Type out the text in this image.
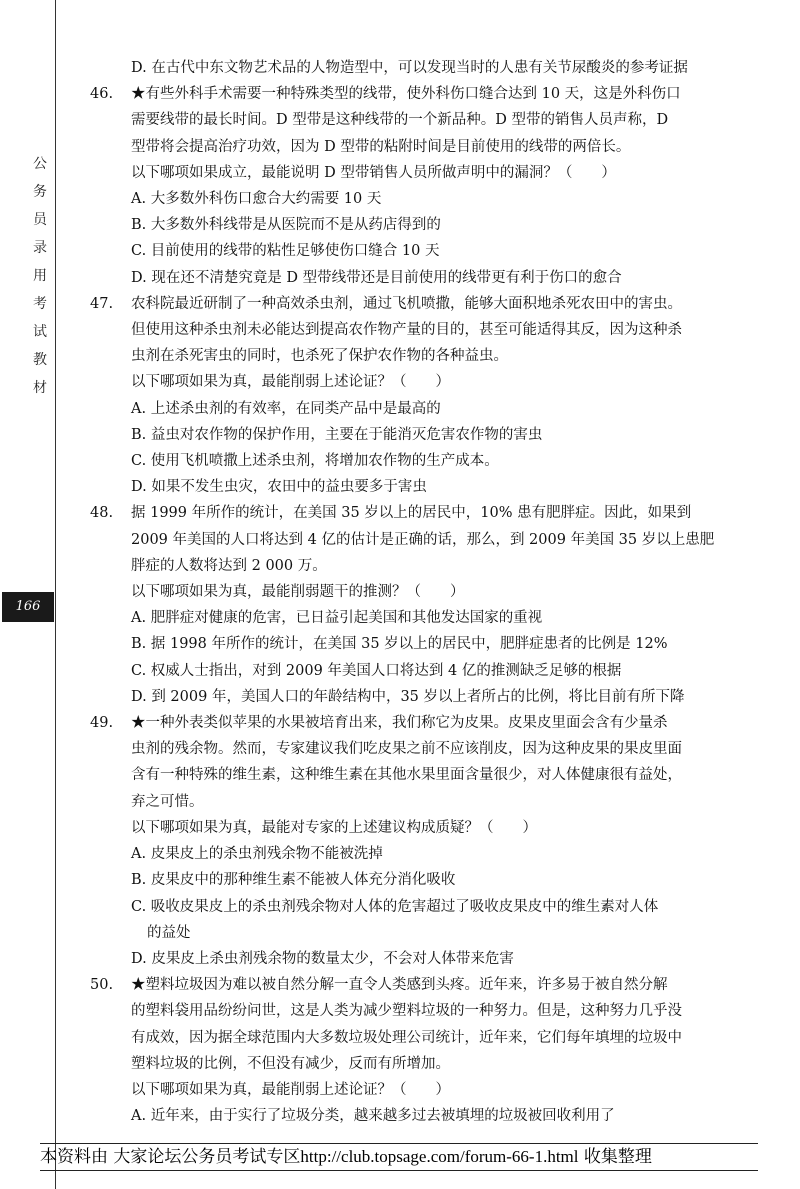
公
务
员
录
用
考
试
教
材
166
D. 在古代中东文物艺术品的人物造型中，可以发现当时的人患有关节尿酸炎的参考证据
46. ★有些外科手术需要一种特殊类型的线带，使外科伤口缝合达到 10 天，这是外科伤口
需要线带的最长时间。D 型带是这种线带的一个新品种。D 型带的销售人员声称，D
型带将会提高治疗功效，因为 D 型带的粘附时间是目前使用的线带的两倍长。
以下哪项如果成立，最能说明 D 型带销售人员所做声明中的漏洞？（　　）
A. 大多数外科伤口愈合大约需要 10 天
B. 大多数外科线带是从医院而不是从药店得到的
C. 目前使用的线带的粘性足够使伤口缝合 10 天
D. 现在还不清楚究竟是 D 型带线带还是目前使用的线带更有利于伤口的愈合
47. 农科院最近研制了一种高效杀虫剂，通过飞机喷撒，能够大面积地杀死农田中的害虫。
但使用这种杀虫剂未必能达到提高农作物产量的目的，甚至可能适得其反，因为这种杀
虫剂在杀死害虫的同时，也杀死了保护农作物的各种益虫。
以下哪项如果为真，最能削弱上述论证？（　　）
A. 上述杀虫剂的有效率，在同类产品中是最高的
B. 益虫对农作物的保护作用，主要在于能消灭危害农作物的害虫
C. 使用飞机喷撒上述杀虫剂，将增加农作物的生产成本。
D. 如果不发生虫灾，农田中的益虫要多于害虫
48. 据 1999 年所作的统计，在美国 35 岁以上的居民中，10% 患有肥胖症。因此，如果到
2009 年美国的人口将达到 4 亿的估计是正确的话，那么，到 2009 年美国 35 岁以上患肥
胖症的人数将达到 2 000 万。
以下哪项如果为真，最能削弱题干的推测？（　　）
A. 肥胖症对健康的危害，已日益引起美国和其他发达国家的重视
B. 据 1998 年所作的统计，在美国 35 岁以上的居民中，肥胖症患者的比例是 12%
C. 权威人士指出，对到 2009 年美国人口将达到 4 亿的推测缺乏足够的根据
D. 到 2009 年，美国人口的年龄结构中，35 岁以上者所占的比例，将比目前有所下降
49. ★一种外表类似苹果的水果被培育出来，我们称它为皮果。皮果皮里面会含有少量杀
虫剂的残余物。然而，专家建议我们吃皮果之前不应该削皮，因为这种皮果的果皮里面
含有一种特殊的维生素，这种维生素在其他水果里面含量很少，对人体健康很有益处，
弃之可惜。
以下哪项如果为真，最能对专家的上述建议构成质疑？（　　）
A. 皮果皮上的杀虫剂残余物不能被洗掉
B. 皮果皮中的那种维生素不能被人体充分消化吸收
C. 吸收皮果皮上的杀虫剂残余物对人体的危害超过了吸收皮果皮中的维生素对人体
的益处
D. 皮果皮上杀虫剂残余物的数量太少，不会对人体带来危害
50. ★塑料垃圾因为难以被自然分解一直令人类感到头疼。近年来，许多易于被自然分解
的塑料袋用品纷纷问世，这是人类为减少塑料垃圾的一种努力。但是，这种努力几乎没
有成效，因为据全球范围内大多数垃圾处理公司统计，近年来，它们每年填埋的垃圾中
塑料垃圾的比例，不但没有减少，反而有所增加。
以下哪项如果为真，最能削弱上述论证？（　　）
A. 近年来，由于实行了垃圾分类，越来越多过去被填埋的垃圾被回收利用了
本资料由 大家论坛公务员考试专区http://club.topsage.com/forum-66-1.html 收集整理
